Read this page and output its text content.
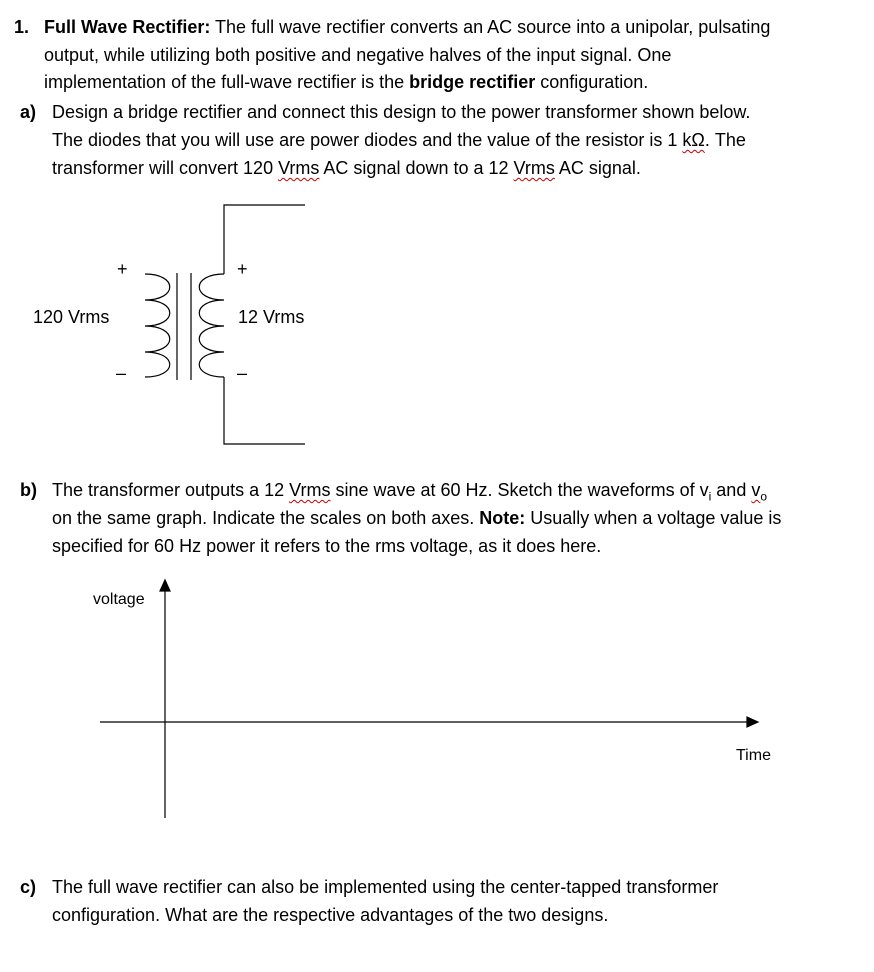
1. Full Wave Rectifier: The full wave rectifier converts an AC source into a unipolar, pulsating
output, while utilizing both positive and negative halves of the input signal. One
implementation of the full-wave rectifier is the bridge rectifier configuration.
a) Design a bridge rectifier and connect this design to the power transformer shown below.
The diodes that you will use are power diodes and the value of the resistor is 1 kΩ. The
transformer will convert 120 Vrms AC signal down to a 12 Vrms AC signal.
+
–
120 Vrms
+
–
12 Vrms
b) The transformer outputs a 12 Vrms sine wave at 60 Hz. Sketch the waveforms of $v_i$ and $v_o$
on the same graph. Indicate the scales on both axes. Note: Usually when a voltage value is
specified for 60 Hz power it refers to the rms voltage, as it does here.
voltage
Time
c) The full wave rectifier can also be implemented using the center-tapped transformer
configuration. What are the respective advantages of the two designs.
